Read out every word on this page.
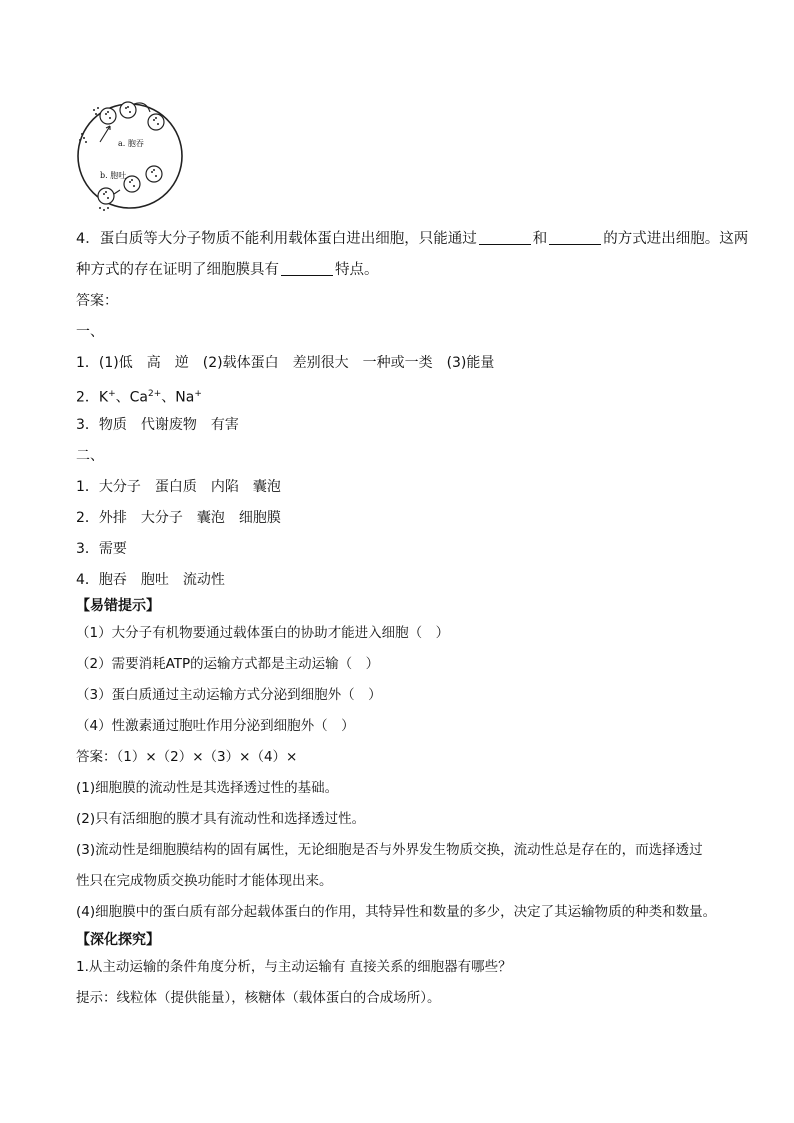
a. 胞吞
b. 胞吐
4．蛋白质等大分子物质不能利用载体蛋白进出细胞，只能通过	和	的方式进出细胞。这两
种方式的存在证明了细胞膜具有	特点。
答案：
一、
1．(1)低　高　逆　(2)载体蛋白　差别很大　一种或一类　(3)能量
2．K+、$Ca^{2+}$、Na+
3．物质　代谢废物　有害
二、
1．大分子　蛋白质　内陷　囊泡
2．外排　大分子　囊泡　细胞膜
3．需要
4．胞吞　胞吐　流动性
【易错提示】
（1）大分子有机物要通过载体蛋白的协助才能进入细胞（　）
（2）需要消耗ATP的运输方式都是主动运输（　）
（3）蛋白质通过主动运输方式分泌到细胞外（　）
（4）性激素通过胞吐作用分泌到细胞外（　）
答案：（1）×（2）×（3）×（4）×
(1)细胞膜的流动性是其选择透过性的基础。
(2)只有活细胞的膜才具有流动性和选择透过性。
(3)流动性是细胞膜结构的固有属性，无论细胞是否与外界发生物质交换，流动性总是存在的，而选择透过
性只在完成物质交换功能时才能体现出来。
(4)细胞膜中的蛋白质有部分起载体蛋白的作用，其特异性和数量的多少，决定了其运输物质的种类和数量。
【深化探究】
1.从主动运输的条件角度分析，与主动运输有 直接关系的细胞器有哪些？
提示：线粒体（提供能量），核糖体（载体蛋白的合成场所）。
